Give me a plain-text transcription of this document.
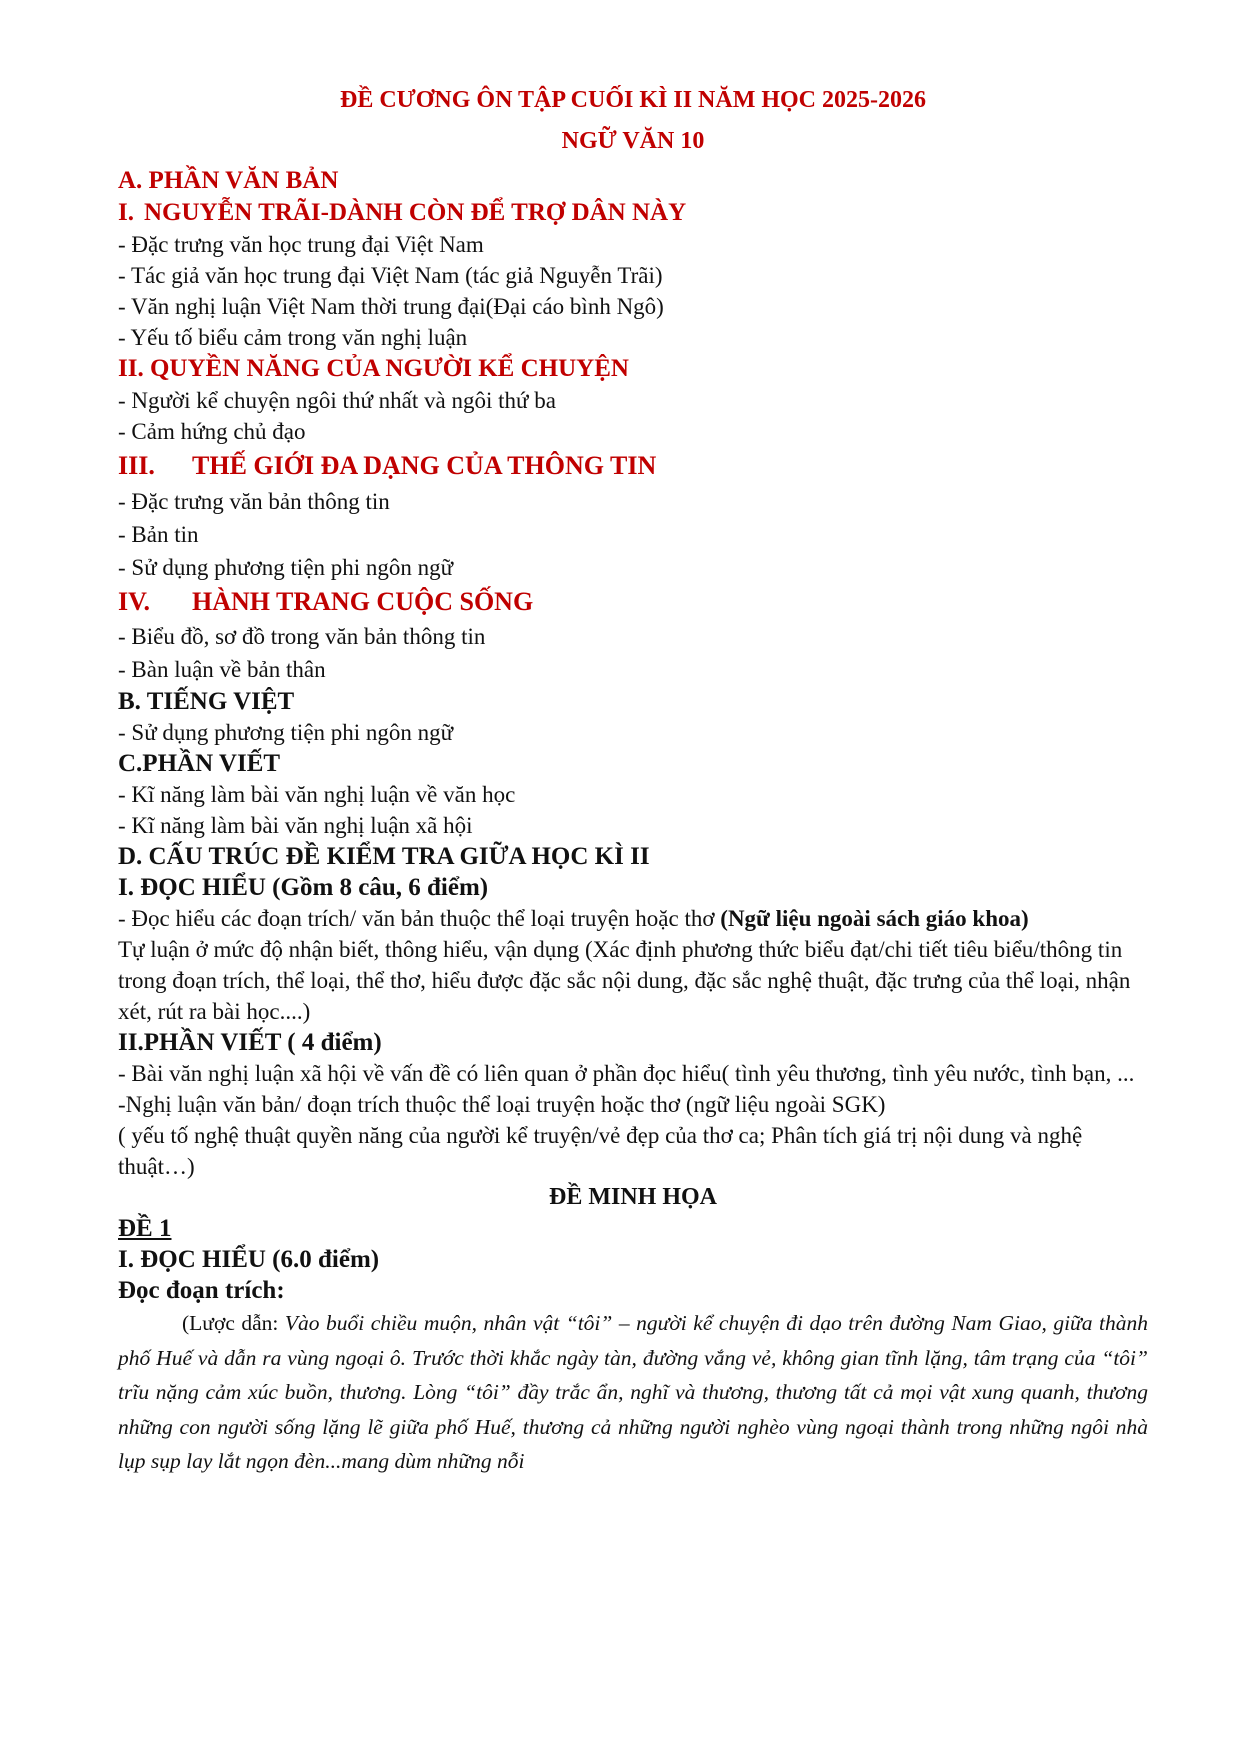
ĐỀ CƯƠNG ÔN TẬP CUỐI KÌ II NĂM HỌC 2025-2026
NGỮ VĂN 10
A. PHẦN VĂN BẢN
I. NGUYỄN TRÃI-DÀNH CÒN ĐỂ TRỢ DÂN NÀY
- Đặc trưng văn học trung đại Việt Nam
- Tác giả văn học trung đại Việt Nam (tác giả Nguyễn Trãi)
- Văn nghị luận Việt Nam thời trung đại(Đại cáo bình Ngô)
- Yếu tố biểu cảm trong văn nghị luận
II. QUYỀN NĂNG CỦA NGƯỜI KỂ CHUYỆN
- Người kể chuyện ngôi thứ nhất và ngôi thứ ba
- Cảm hứng chủ đạo
III. THẾ GIỚI ĐA DẠNG CỦA THÔNG TIN
- Đặc trưng văn bản thông tin
- Bản tin
- Sử dụng phương tiện phi ngôn ngữ
IV. HÀNH TRANG CUỘC SỐNG
- Biểu đồ, sơ đồ trong văn bản thông tin
- Bàn luận về bản thân
B. TIẾNG VIỆT
- Sử dụng phương tiện phi ngôn ngữ
C.PHẦN VIẾT
- Kĩ năng làm bài văn nghị luận về văn học
- Kĩ năng làm bài văn nghị luận xã hội
D. CẤU TRÚC ĐỀ KIỂM TRA GIỮA HỌC KÌ II
I. ĐỌC HIỂU (Gồm 8 câu, 6 điểm)
- Đọc hiểu các đoạn trích/ văn bản thuộc thể loại truyện hoặc thơ (Ngữ liệu ngoài sách giáo khoa)
Tự luận ở mức độ nhận biết, thông hiểu, vận dụng (Xác định phương thức biểu đạt/chi tiết tiêu biểu/thông tin trong đoạn trích, thể loại, thể thơ, hiểu được đặc sắc nội dung, đặc sắc nghệ thuật, đặc trưng của thể loại, nhận xét, rút ra bài học....)
II.PHẦN VIẾT ( 4 điểm)
- Bài văn nghị luận xã hội về vấn đề có liên quan ở phần đọc hiểu( tình yêu thương, tình yêu nước, tình bạn, ...
-Nghị luận văn bản/ đoạn trích thuộc thể loại truyện hoặc thơ (ngữ liệu ngoài SGK)
( yếu tố nghệ thuật quyền năng của người kể truyện/vẻ đẹp của thơ ca; Phân tích giá trị nội dung và nghệ thuật…)
ĐỀ MINH HỌA
ĐỀ 1
I. ĐỌC HIỂU (6.0 điểm)
Đọc đoạn trích:
(Lược dẫn: Vào buổi chiều muộn, nhân vật “tôi” – người kể chuyện đi dạo trên đường Nam Giao, giữa thành phố Huế và dẫn ra vùng ngoại ô. Trước thời khắc ngày tàn, đường vắng vẻ, không gian tĩnh lặng, tâm trạng của “tôi” trĩu nặng cảm xúc buồn, thương. Lòng “tôi” đầy trắc ẩn, nghĩ và thương, thương tất cả mọi vật xung quanh, thương những con người sống lặng lẽ giữa phố Huế, thương cả những người nghèo vùng ngoại thành trong những ngôi nhà lụp sụp lay lắt ngọn đèn...mang dùm những nỗi
